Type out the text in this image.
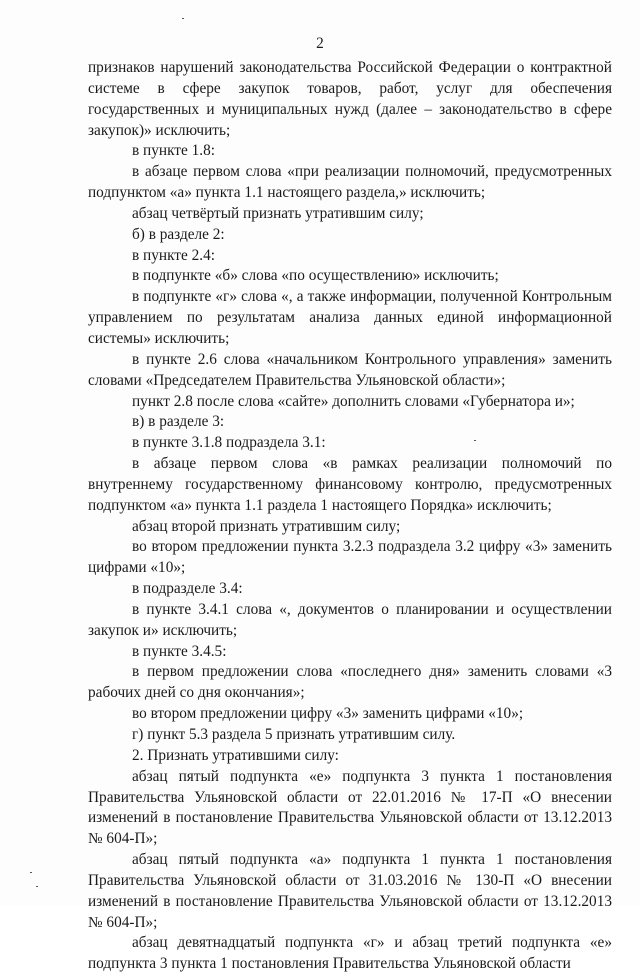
2

признаков нарушений законодательства Российской Федерации о контрактной системе в сфере закупок товаров, работ, услуг для обеспечения государственных и муниципальных нужд (далее – законодательство в сфере закупок)» исключить;

в пункте 1.8:

в абзаце первом слова «при реализации полномочий, предусмотренных подпунктом «а» пункта 1.1 настоящего раздела,» исключить;

абзац четвёртый признать утратившим силу;

б) в разделе 2:

в пункте 2.4:

в подпункте «б» слова «по осуществлению» исключить;

в подпункте «г» слова «, а также информации, полученной Контрольным управлением по результатам анализа данных единой информационной системы» исключить;

в пункте 2.6 слова «начальником Контрольного управления» заменить словами «Председателем Правительства Ульяновской области»;

пункт 2.8 после слова «сайте» дополнить словами «Губернатора и»;

в) в разделе 3:

в пункте 3.1.8 подраздела 3.1:

в абзаце первом слова «в рамках реализации полномочий по внутреннему государственному финансовому контролю, предусмотренных подпунктом «а» пункта 1.1 раздела 1 настоящего Порядка» исключить;

абзац второй признать утратившим силу;

во втором предложении пункта 3.2.3 подраздела 3.2 цифру «3» заменить цифрами «10»;

в подразделе 3.4:

в пункте 3.4.1 слова «, документов о планировании и осуществлении закупок и» исключить;

в пункте 3.4.5:

в первом предложении слова «последнего дня» заменить словами «3 рабочих дней со дня окончания»;

во втором предложении цифру «3» заменить цифрами «10»;

г) пункт 5.3 раздела 5 признать утратившим силу.

2. Признать утратившими силу:

абзац пятый подпункта «е» подпункта 3 пункта 1 постановления Правительства Ульяновской области от 22.01.2016 № 17-П «О внесении изменений в постановление Правительства Ульяновской области от 13.12.2013 № 604-П»;

абзац пятый подпункта «а» подпункта 1 пункта 1 постановления Правительства Ульяновской области от 31.03.2016 № 130-П «О внесении изменений в постановление Правительства Ульяновской области от 13.12.2013 № 604-П»;

абзац девятнадцатый подпункта «г» и абзац третий подпункта «е» подпункта 3 пункта 1 постановления Правительства Ульяновской области
